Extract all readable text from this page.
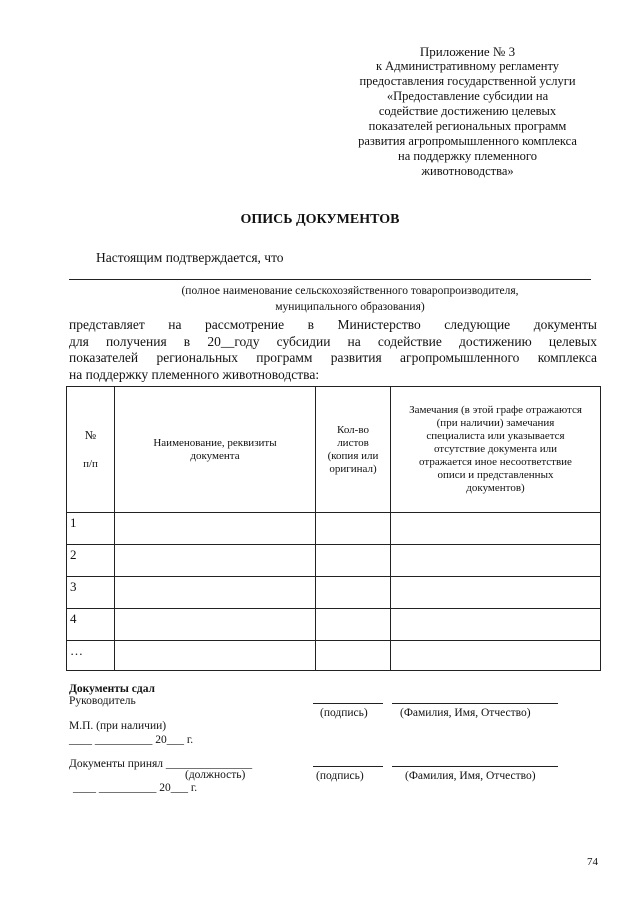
Приложение № 3
к Административному регламенту
предоставления государственной услуги
«Предоставление субсидии на
содействие достижению целевых
показателей региональных программ
развития агропромышленного комплекса
на поддержку племенного
животноводства»
ОПИСЬ ДОКУМЕНТОВ
Настоящим подтверждается, что
(полное наименование сельскохозяйственного товаропроизводителя,
муниципального образования)
представляет на рассмотрение в Министерство следующие документы
для получения в 20__году субсидии на содействие достижению целевых
показателей региональных программ развития агропромышленного комплекса
на поддержку племенного животноводства:
№
п/п	Наименование, реквизиты документа	Кол-во листов (копия или оригинал)	Замечания (в этой графе отражаются (при наличии) замечания специалиста или указывается отсутствие документа или отражается иное несоответствие описи и представленных документов)
1			
2			
3			
4			
…			
Документы сдал
Руководитель
(подпись)	(Фамилия, Имя, Отчество)
М.П. (при наличии)
____ __________ 20___ г.
Документы принял _______________
(должность)	(подпись)	(Фамилия, Имя, Отчество)
____ __________ 20___ г.
74
